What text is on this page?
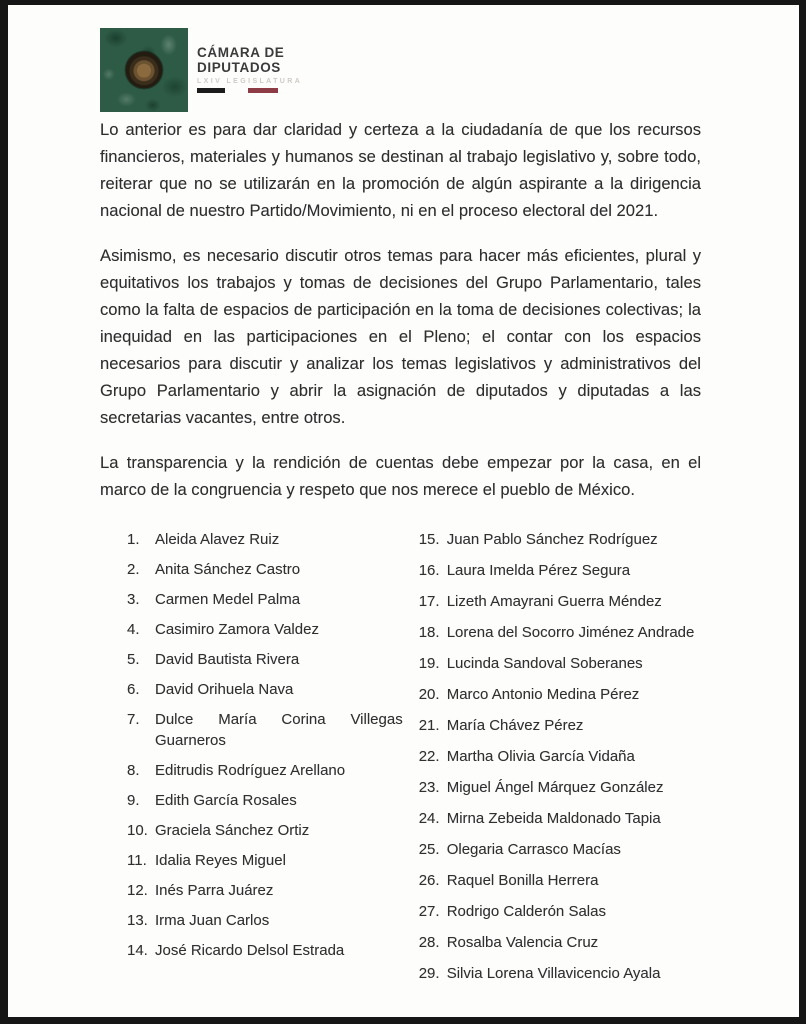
CÁMARA DE
DIPUTADOS
LXIV LEGISLATURA

Lo anterior es para dar claridad y certeza a la ciudadanía de que los recursos financieros, materiales y humanos se destinan al trabajo legislativo y, sobre todo, reiterar que no se utilizarán en la promoción de algún aspirante a la dirigencia nacional de nuestro Partido/Movimiento, ni en el proceso electoral del 2021.

Asimismo, es necesario discutir otros temas para hacer más eficientes, plural y equitativos los trabajos y tomas de decisiones del Grupo Parlamentario, tales como la falta de espacios de participación en la toma de decisiones colectivas; la inequidad en las participaciones en el Pleno; el contar con los espacios necesarios para discutir y analizar los temas legislativos y administrativos del Grupo Parlamentario y abrir la asignación de diputados y diputadas a las secretarias vacantes, entre otros.

La transparencia y la rendición de cuentas debe empezar por la casa, en el marco de la congruencia y respeto que nos merece el pueblo de México.

1.	Aleida Alavez Ruiz
2.	Anita Sánchez Castro
3.	Carmen Medel Palma
4.	Casimiro Zamora Valdez
5.	David Bautista Rivera
6.	David Orihuela Nava
7.	Dulce María Corina Villegas Guarneros
8.	Editrudis Rodríguez Arellano
9.	Edith García Rosales
10. Graciela Sánchez Ortiz
11. Idalia Reyes Miguel
12. Inés Parra Juárez
13. Irma Juan Carlos
14. José Ricardo Delsol Estrada
15. Juan Pablo Sánchez Rodríguez
16. Laura Imelda Pérez Segura
17. Lizeth Amayrani Guerra Méndez
18. Lorena del Socorro Jiménez Andrade
19. Lucinda Sandoval Soberanes
20. Marco Antonio Medina Pérez
21. María Chávez Pérez
22. Martha Olivia García Vidaña
23. Miguel Ángel Márquez González
24. Mirna Zebeida Maldonado Tapia
25. Olegaria Carrasco Macías
26. Raquel Bonilla Herrera
27. Rodrigo Calderón Salas
28. Rosalba Valencia Cruz
29. Silvia Lorena Villavicencio Ayala
